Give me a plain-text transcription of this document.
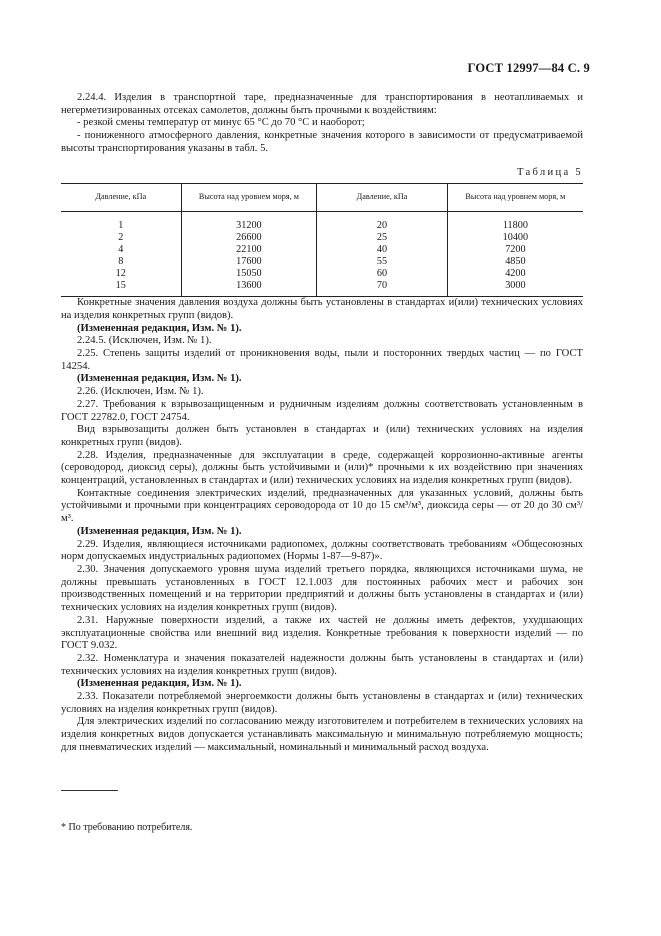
ГОСТ 12997—84 С. 9

2.24.4. Изделия в транспортной таре, предназначенные для транспортирования в неотапливаемых и негерметизированных отсеках самолетов, должны быть прочными к воздействиям:

- резкой смены температур от минус 65 °С до 70 °С и наоборот;

- пониженного атмосферного давления, конкретные значения которого в зависимости от предусматриваемой высоты транспортирования указаны в табл. 5.

Таблица 5
Давление, кПа	Высота над уровнем моря, м	Давление, кПа	Высота над уровнем моря, м
1	31200	20	11800
2	26600	25	10400
4	22100	40	7200
8	17600	55	4850
12	15050	60	4200
15	13600	70	3000

Конкретные значения давления воздуха должны быть установлены в стандартах и(или) технических условиях на изделия конкретных групп (видов).

(Измененная редакция, Изм. № 1).

2.24.5. (Исключен, Изм. № 1).

2.25. Степень защиты изделий от проникновения воды, пыли и посторонних твердых частиц — по ГОСТ 14254.

(Измененная редакция, Изм. № 1).

2.26. (Исключен, Изм. № 1).

2.27. Требования к взрывозащищенным и рудничным изделиям должны соответствовать установленным в ГОСТ 22782.0, ГОСТ 24754.

Вид взрывозащиты должен быть установлен в стандартах и (или) технических условиях на изделия конкретных групп (видов).

2.28. Изделия, предназначенные для эксплуатации в среде, содержащей коррозионно-активные агенты (сероводород, диоксид серы), должны быть устойчивыми и (или)* прочными к их воздействию при значениях концентраций, установленных в стандартах и (или) технических условиях на изделия конкретных групп (видов).

Контактные соединения электрических изделий, предназначенных для указанных условий, должны быть устойчивыми и прочными при концентрациях сероводорода от 10 до 15 см³/м³, диоксида серы — от 20 до 30 см³/м³.

(Измененная редакция, Изм. № 1).

2.29. Изделия, являющиеся источниками радиопомех, должны соответствовать требованиям «Общесоюзных норм допускаемых индустриальных радиопомех (Нормы 1-87—9-87)».

2.30. Значения допускаемого уровня шума изделий третьего порядка, являющихся источниками шума, не должны превышать установленных в ГОСТ 12.1.003 для постоянных рабочих мест и рабочих зон производственных помещений и на территории предприятий и должны быть установлены в стандартах и (или) технических условиях на изделия конкретных групп (видов).

2.31. Наружные поверхности изделий, а также их частей не должны иметь дефектов, ухудшающих эксплуатационные свойства или внешний вид изделия. Конкретные требования к поверхности изделий — по ГОСТ 9.032.

2.32. Номенклатура и значения показателей надежности должны быть установлены в стандартах и (или) технических условиях на изделия конкретных групп (видов).

(Измененная редакция, Изм. № 1).

2.33. Показатели потребляемой энергоемкости должны быть установлены в стандартах и (или) технических условиях на изделия конкретных групп (видов).

Для электрических изделий по согласованию между изготовителем и потребителем в технических условиях на изделия конкретных видов допускается устанавливать максимальную и минимальную потребляемую мощность; для пневматических изделий — максимальный, номинальный и минимальный расход воздуха.

* По требованию потребителя.
